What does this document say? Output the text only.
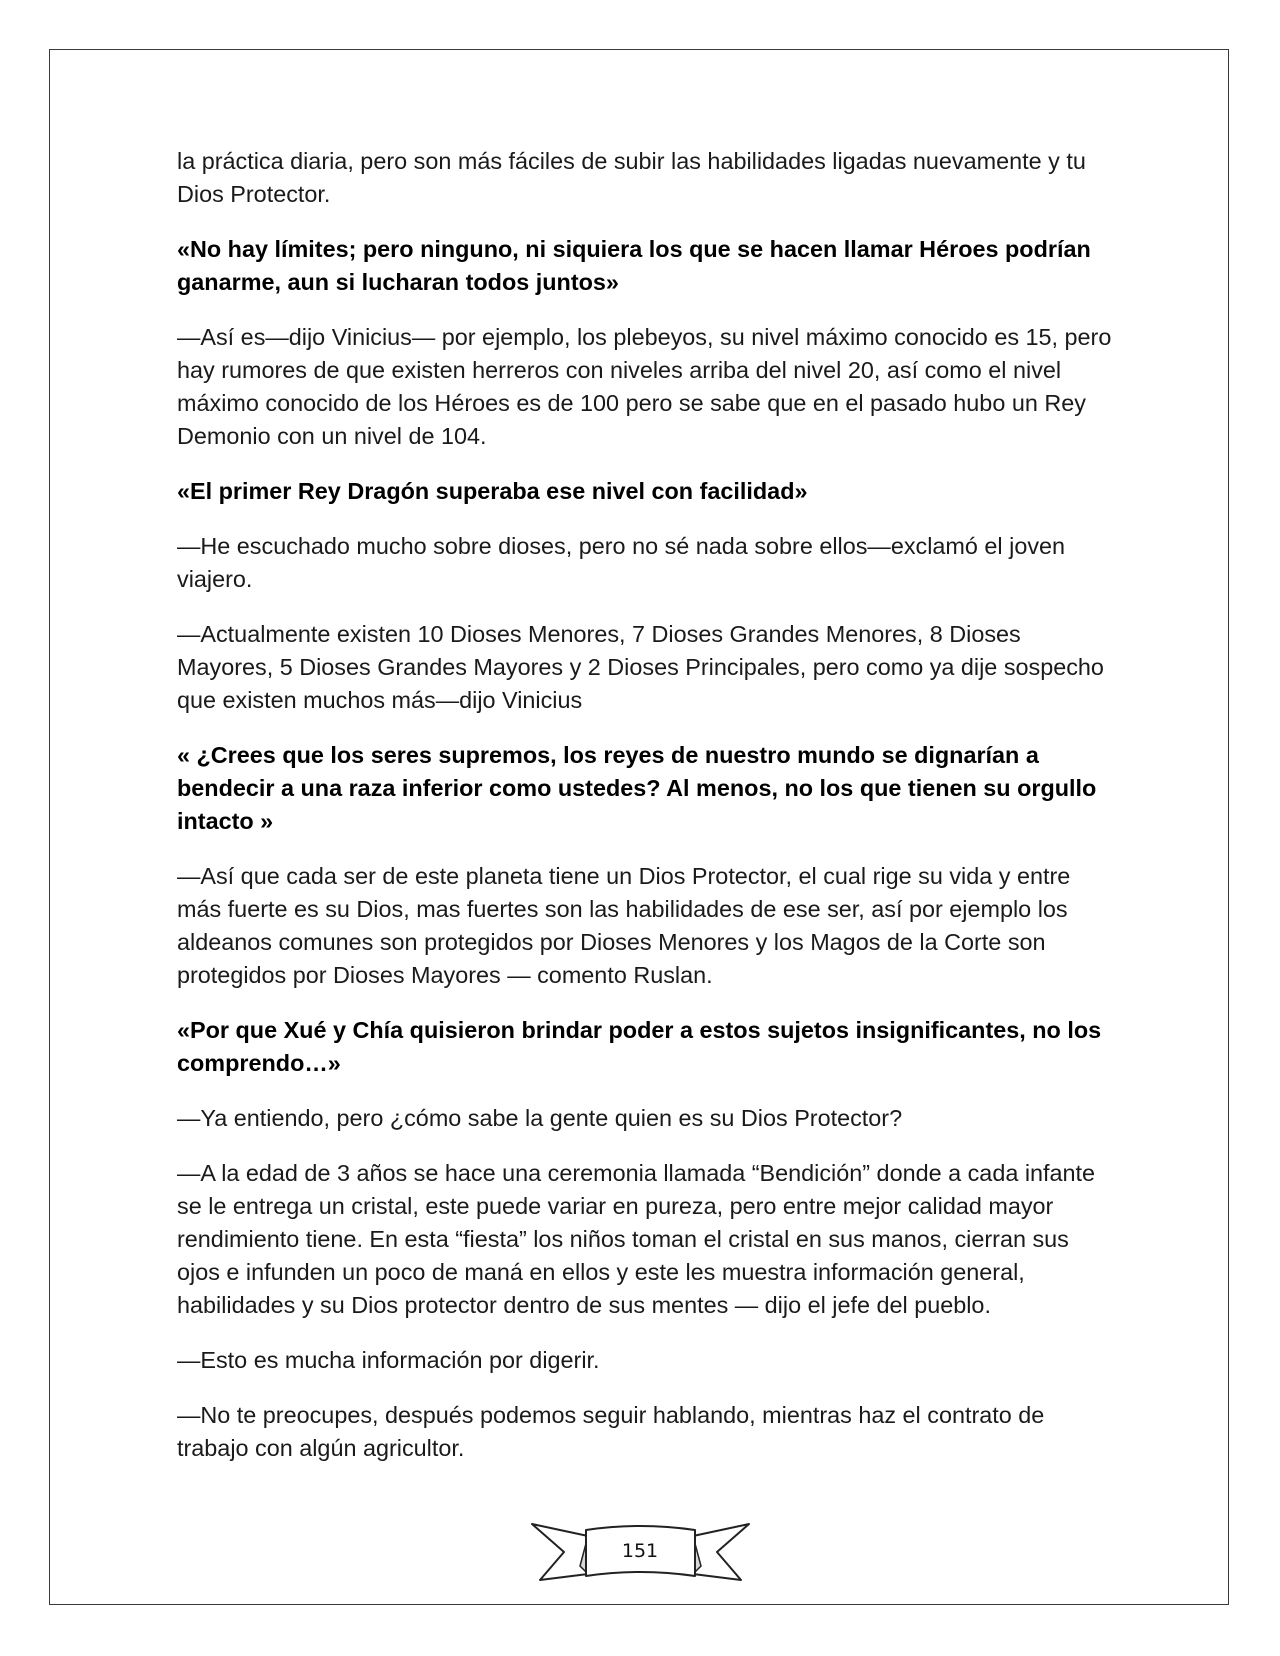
la práctica diaria, pero son más fáciles de subir las habilidades ligadas nuevamente y tu Dios Protector.

«No hay límites; pero ninguno, ni siquiera los que se hacen llamar Héroes podrían ganarme, aun si lucharan todos juntos»

—Así es—dijo Vinicius— por ejemplo, los plebeyos, su nivel máximo conocido es 15, pero hay rumores de que existen herreros con niveles arriba del nivel 20, así como el nivel máximo conocido de los Héroes es de 100 pero se sabe que en el pasado hubo un Rey Demonio con un nivel de 104.

«El primer Rey Dragón superaba ese nivel con facilidad»

—He escuchado mucho sobre dioses, pero no sé nada sobre ellos—exclamó el joven viajero.

—Actualmente existen 10 Dioses Menores, 7 Dioses Grandes Menores, 8 Dioses Mayores, 5 Dioses Grandes Mayores y 2 Dioses Principales, pero como ya dije sospecho que existen muchos más—dijo Vinicius

« ¿Crees que los seres supremos, los reyes de nuestro mundo se dignarían a bendecir a una raza inferior como ustedes? Al menos, no los que tienen su orgullo intacto »

—Así que cada ser de este planeta tiene un Dios Protector, el cual rige su vida y entre más fuerte es su Dios, mas fuertes son las habilidades de ese ser, así por ejemplo los aldeanos comunes son protegidos por Dioses Menores y los Magos de la Corte son protegidos por Dioses Mayores — comento Ruslan.

«Por que Xué y Chía quisieron brindar poder a estos sujetos insignificantes, no los comprendo…»

—Ya entiendo, pero ¿cómo sabe la gente quien es su Dios Protector?

—A la edad de 3 años se hace una ceremonia llamada “Bendición” donde a cada infante se le entrega un cristal, este puede variar en pureza, pero entre mejor calidad mayor rendimiento tiene. En esta “fiesta” los niños toman el cristal en sus manos, cierran sus ojos e infunden un poco de maná en ellos y este les muestra información general, habilidades y su Dios protector dentro de sus mentes — dijo el jefe del pueblo.

—Esto es mucha información por digerir.

—No te preocupes, después podemos seguir hablando, mientras haz el contrato de trabajo con algún agricultor.

151
